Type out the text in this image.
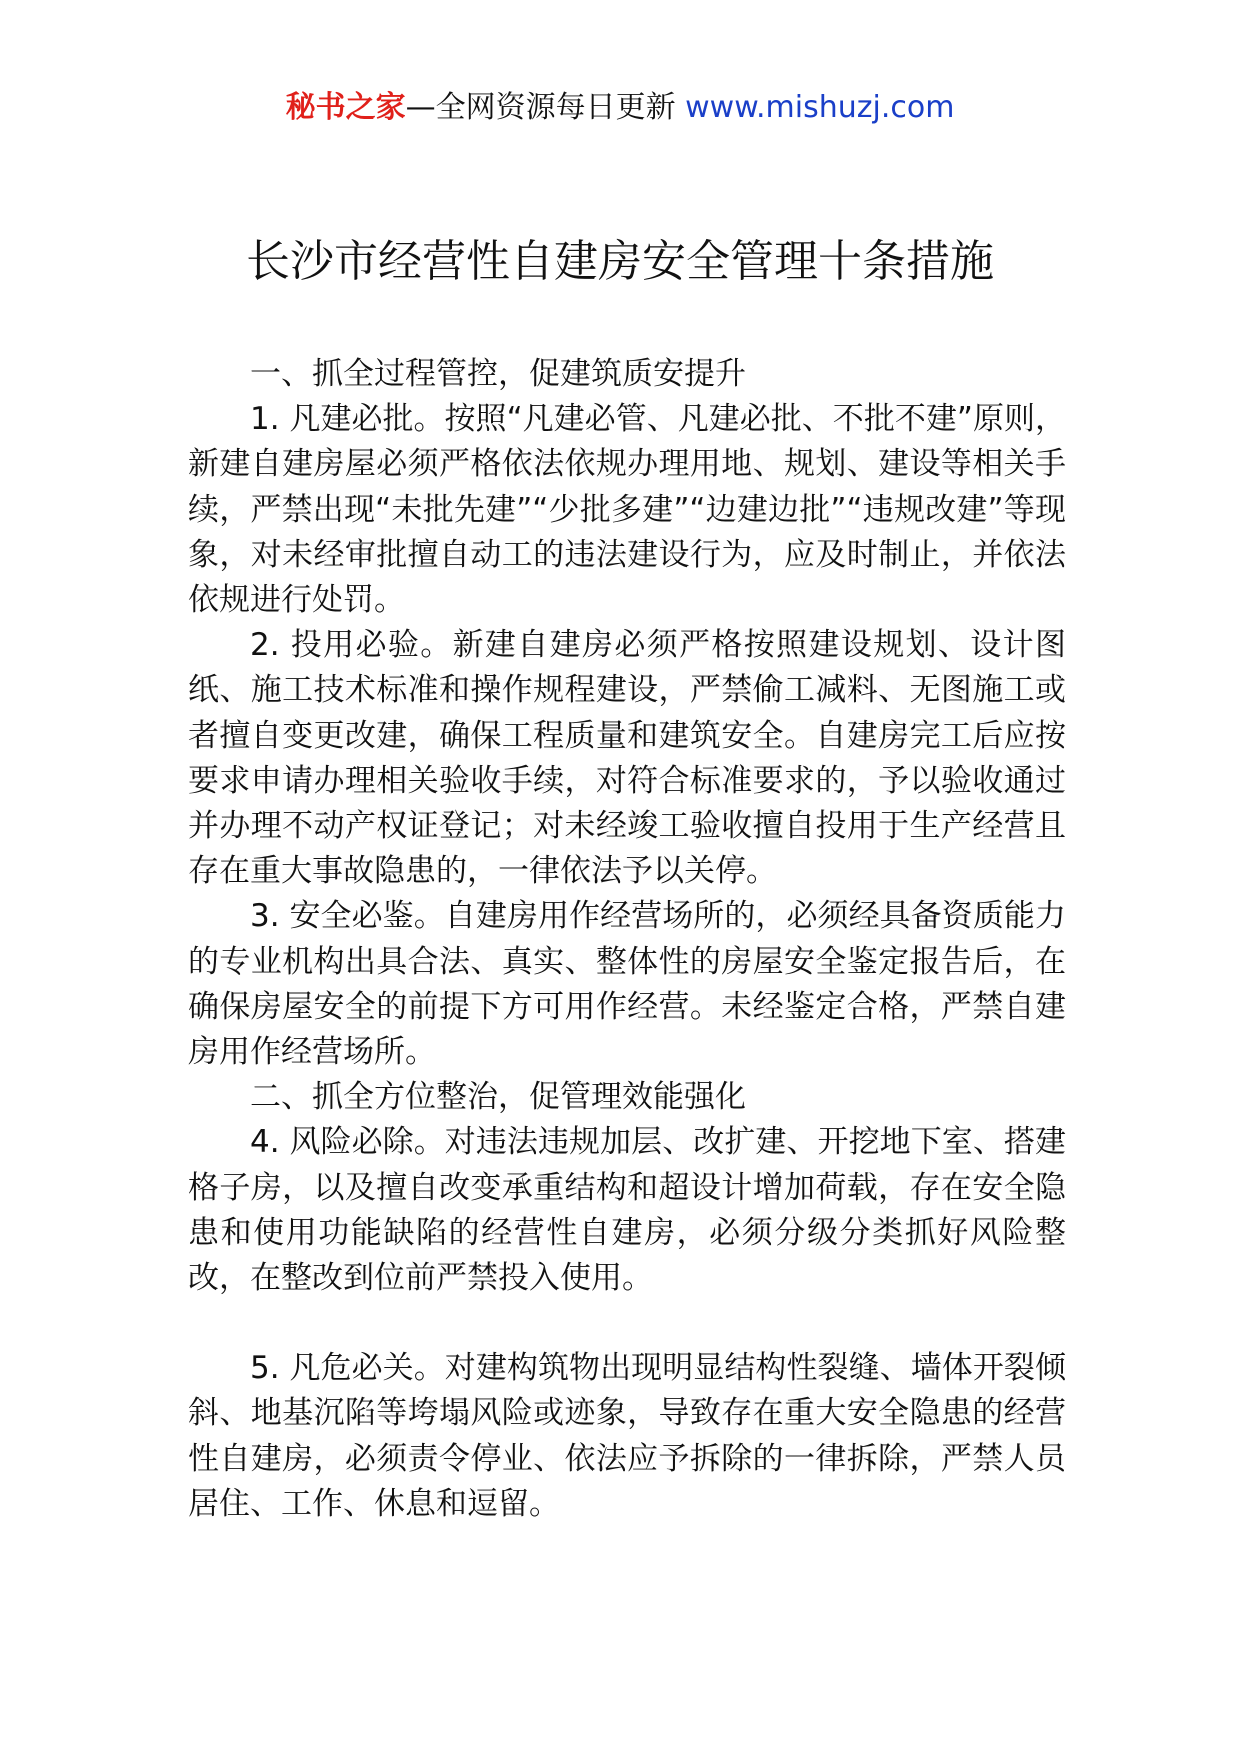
秘书之家—全网资源每日更新 www.mishuzj.com
长沙市经营性自建房安全管理十条措施

一、抓全过程管控，促建筑质安提升

1. 凡建必批。按照“凡建必管、凡建必批、不批不建”原则，新建自建房屋必须严格依法依规办理用地、规划、建设等相关手续，严禁出现“未批先建”“少批多建”“边建边批”“违规改建”等现象，对未经审批擅自动工的违法建设行为，应及时制止，并依法依规进行处罚。

2. 投用必验。新建自建房必须严格按照建设规划、设计图纸、施工技术标准和操作规程建设，严禁偷工减料、无图施工或者擅自变更改建，确保工程质量和建筑安全。自建房完工后应按要求申请办理相关验收手续，对符合标准要求的，予以验收通过并办理不动产权证登记；对未经竣工验收擅自投用于生产经营且存在重大事故隐患的，一律依法予以关停。

3. 安全必鉴。自建房用作经营场所的，必须经具备资质能力的专业机构出具合法、真实、整体性的房屋安全鉴定报告后，在确保房屋安全的前提下方可用作经营。未经鉴定合格，严禁自建房用作经营场所。

二、抓全方位整治，促管理效能强化

4. 风险必除。对违法违规加层、改扩建、开挖地下室、搭建格子房，以及擅自改变承重结构和超设计增加荷载，存在安全隐患和使用功能缺陷的经营性自建房，必须分级分类抓好风险整改，在整改到位前严禁投入使用。

5. 凡危必关。对建构筑物出现明显结构性裂缝、墙体开裂倾斜、地基沉陷等垮塌风险或迹象，导致存在重大安全隐患的经营性自建房，必须责令停业、依法应予拆除的一律拆除，严禁人员居住、工作、休息和逗留。
